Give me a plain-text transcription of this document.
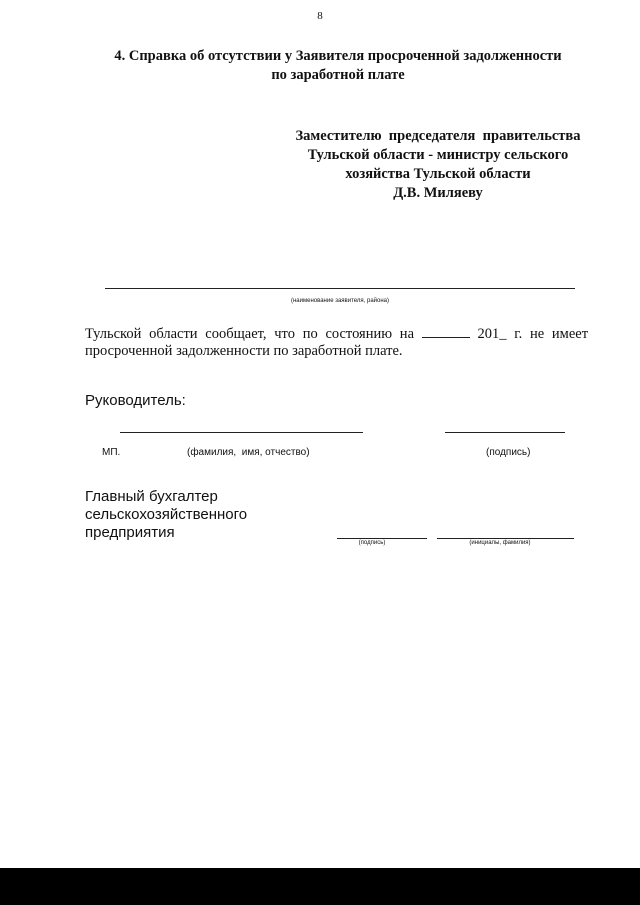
8
4. Справка об отсутствии у Заявителя просроченной задолженности
по заработной плате
Заместителю  председателя  правительства
Тульской области - министру сельского
хозяйства Тульской области
Д.В. Миляеву
(наименование заявителя, района)
Тульской области сообщает, что по состоянию на	201_ г. не имеет
просроченной задолженности по заработной плате.
Руководитель:
МП.	(фамилия,  имя, отчество)	(подпись)
Главный бухгалтер
сельскохозяйственного
предприятия
(подпись)	(инициалы, фамилия)
